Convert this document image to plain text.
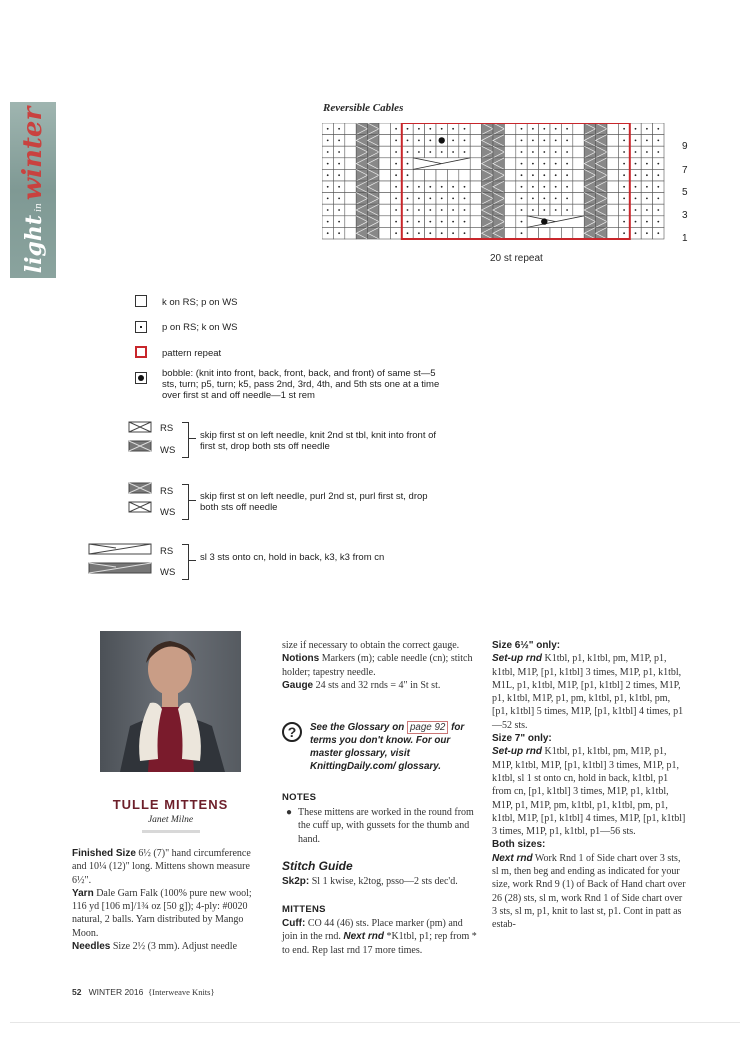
lightinwinter	Reversible Cables
9
7
5
3
1
20 st repeat
k on RS; p on WS
p on RS; k on WS
pattern repeat
bobble: (knit into front, back, front, back, and front) of same st—5 sts, turn; p5, turn; k5, pass 2nd, 3rd, 4th, and 5th sts one at a time over first st and off needle—1 st rem
RS
WS
skip first st on left needle, knit 2nd st tbl, knit into front of first st, drop both sts off needle
RS
WS
skip first st on left needle, purl 2nd st, purl first st, drop both sts off needle
RS
WS
sl 3 sts onto cn, hold in back, k3, k3 from cn
TULLE MITTENS
Janet Milne
Finished Size 6½ (7)" hand circumference and 10¼ (12)" long. Mittens shown measure 6½".
Yarn Dale Garn Falk (100% pure new wool; 116 yd [106 m]/1¾ oz [50 g]); 4-ply: #0020 natural, 2 balls. Yarn distributed by Mango Moon.
Needles Size 2½ (3 mm). Adjust needle
size if necessary to obtain the correct gauge.
Notions Markers (m); cable needle (cn); stitch holder; tapestry needle.
Gauge 24 sts and 32 rnds = 4" in St st.
?	See the Glossary on page 92 for terms you don't know. For our master glossary, visit KnittingDaily.com/ glossary.
NOTES
● These mittens are worked in the round from the cuff up, with gussets for the thumb and hand.
Stitch Guide
Sk2p: Sl 1 kwise, k2tog, psso—2 sts dec'd.
MITTENS
Cuff: CO 44 (46) sts. Place marker (pm) and join in the rnd. Next rnd *K1tbl, p1; rep from * to end. Rep last rnd 17 more times.
Size 6½" only:
Set-up rnd K1tbl, p1, k1tbl, pm, M1P, p1, k1tbl, M1P, [p1, k1tbl] 3 times, M1P, p1, k1tbl, M1L, p1, k1tbl, M1P, [p1, k1tbl] 2 times, M1P, p1, k1tbl, M1P, p1, pm, k1tbl, p1, k1tbl, pm, [p1, k1tbl] 5 times, M1P, [p1, k1tbl] 4 times, p1—52 sts.
Size 7" only:
Set-up rnd K1tbl, p1, k1tbl, pm, M1P, p1, M1P, k1tbl, M1P, [p1, k1tbl] 3 times, M1P, p1, k1tbl, sl 1 st onto cn, hold in back, k1tbl, p1 from cn, [p1, k1tbl] 3 times, M1P, p1, k1tbl, M1P, p1, M1P, pm, k1tbl, p1, k1tbl, pm, p1, k1tbl, M1P, [p1, k1tbl] 4 times, M1P, [p1, k1tbl] 3 times, M1P, p1, k1tbl, p1—56 sts.
Both sizes:
Next rnd Work Rnd 1 of Side chart over 3 sts, sl m, then beg and ending as indicated for your size, work Rnd 9 (1) of Back of Hand chart over 26 (28) sts, sl m, work Rnd 1 of Side chart over 3 sts, sl m, p1, knit to last st, p1. Cont in patt as estab-
52 WINTER 2016 {Interweave Knits}
